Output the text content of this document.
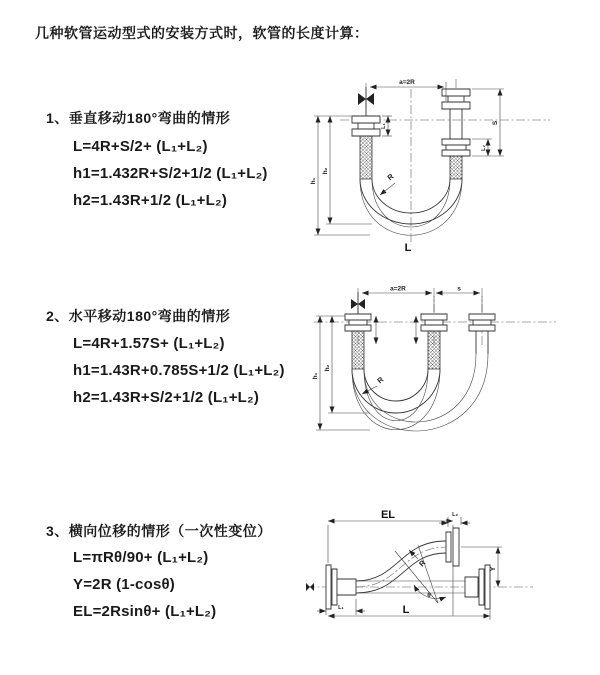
几种软管运动型式的安装方式时，软管的长度计算：
1、垂直移动180°弯曲的情形
L=4R+S/2+ (L₁+L₂)
h1=1.432R+S/2+1/2 (L₁+L₂)
h2=1.43R+1/2 (L₁+L₂)
2、水平移动180°弯曲的情形
L=4R+1.57S+ (L₁+L₂)
h1=1.43R+0.785S+1/2 (L₁+L₂)
h2=1.43R+S/2+1/2 (L₁+L₂)
3、横向位移的情形（一次性变位）
L=πRθ/90+ (L₁+L₂)
Y=2R (1-cosθ)
EL=2Rsinθ+ (L₁+L₂)
a=2R
L₁
S
L₂
h₁
h₂
R
L
a=2R	s
h₁
h₂
R
θ
EL	L₂
Y
L₁	L
R
